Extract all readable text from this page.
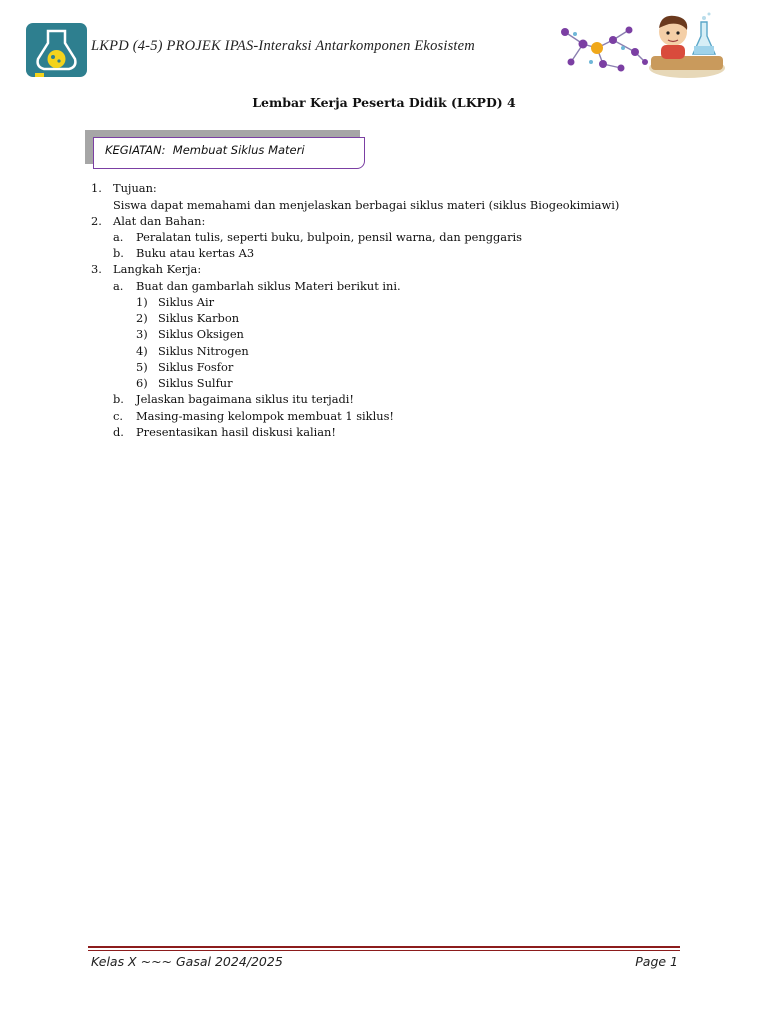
LKPD (4-5) PROJEK IPAS-Interaksi Antarkomponen Ekosistem
Lembar Kerja Peserta Didik (LKPD) 4
KEGIATAN: Membuat Siklus Materi
1. Tujuan:
Siswa dapat memahami dan menjelaskan berbagai siklus materi (siklus Biogeokimiawi)
2. Alat dan Bahan:
a. Peralatan tulis, seperti buku, bulpoin, pensil warna, dan penggaris
b. Buku atau kertas A3
3. Langkah Kerja:
a. Buat dan gambarlah siklus Materi berikut ini.
1) Siklus Air
2) Siklus Karbon
3) Siklus Oksigen
4) Siklus Nitrogen
5) Siklus Fosfor
6) Siklus Sulfur
b. Jelaskan bagaimana siklus itu terjadi!
c. Masing-masing kelompok membuat 1 siklus!
d. Presentasikan hasil diskusi kalian!
Kelas X ~~~ Gasal 2024/2025	Page 1
